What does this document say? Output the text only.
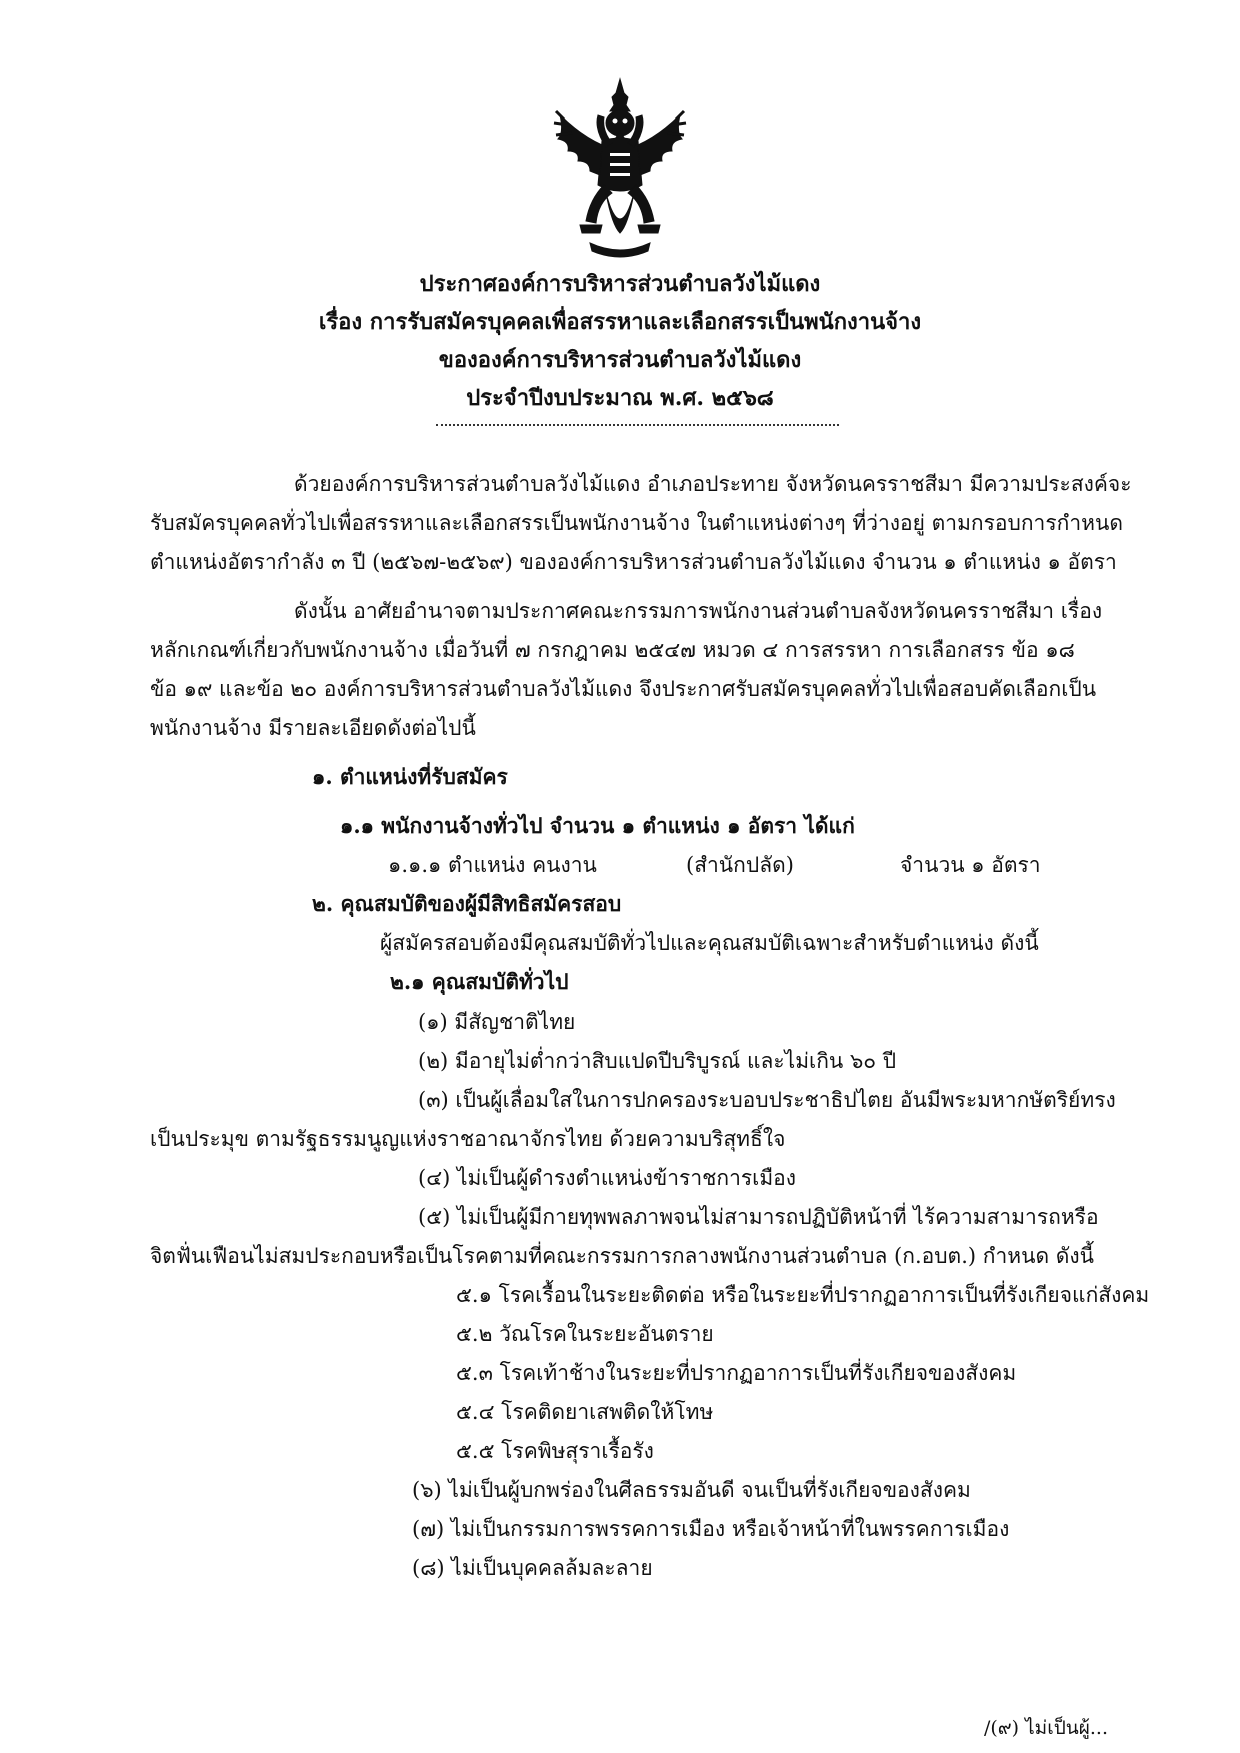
ประกาศองค์การบริหารส่วนตำบลวังไม้แดง
เรื่อง การรับสมัครบุคคลเพื่อสรรหาและเลือกสรรเป็นพนักงานจ้าง
ขององค์การบริหารส่วนตำบลวังไม้แดง
ประจำปีงบประมาณ พ.ศ. ๒๕๖๘
ด้วยองค์การบริหารส่วนตำบลวังไม้แดง อำเภอประทาย จังหวัดนครราชสีมา มีความประสงค์จะ
รับสมัครบุคคลทั่วไปเพื่อสรรหาและเลือกสรรเป็นพนักงานจ้าง ในตำแหน่งต่างๆ ที่ว่างอยู่ ตามกรอบการกำหนด
ตำแหน่งอัตรากำลัง ๓ ปี (๒๕๖๗-๒๕๖๙) ขององค์การบริหารส่วนตำบลวังไม้แดง จำนวน ๑ ตำแหน่ง ๑ อัตรา
ดังนั้น อาศัยอำนาจตามประกาศคณะกรรมการพนักงานส่วนตำบลจังหวัดนครราชสีมา เรื่อง
หลักเกณฑ์เกี่ยวกับพนักงานจ้าง เมื่อวันที่ ๗ กรกฎาคม ๒๕๔๗ หมวด ๔ การสรรหา การเลือกสรร ข้อ ๑๘
ข้อ ๑๙ และข้อ ๒๐ องค์การบริหารส่วนตำบลวังไม้แดง จึงประกาศรับสมัครบุคคลทั่วไปเพื่อสอบคัดเลือกเป็น
พนักงานจ้าง มีรายละเอียดดังต่อไปนี้
๑. ตำแหน่งที่รับสมัคร
๑.๑ พนักงานจ้างทั่วไป จำนวน ๑ ตำแหน่ง ๑ อัตรา ได้แก่
๑.๑.๑ ตำแหน่ง คนงาน	(สำนักปลัด)	จำนวน ๑ อัตรา
๒. คุณสมบัติของผู้มีสิทธิสมัครสอบ
ผู้สมัครสอบต้องมีคุณสมบัติทั่วไปและคุณสมบัติเฉพาะสำหรับตำแหน่ง ดังนี้
๒.๑ คุณสมบัติทั่วไป
(๑) มีสัญชาติไทย
(๒) มีอายุไม่ต่ำกว่าสิบแปดปีบริบูรณ์ และไม่เกิน ๖๐ ปี
(๓) เป็นผู้เลื่อมใสในการปกครองระบอบประชาธิปไตย อันมีพระมหากษัตริย์ทรง
เป็นประมุข ตามรัฐธรรมนูญแห่งราชอาณาจักรไทย ด้วยความบริสุทธิ์ใจ
(๔) ไม่เป็นผู้ดำรงตำแหน่งข้าราชการเมือง
(๕) ไม่เป็นผู้มีกายทุพพลภาพจนไม่สามารถปฏิบัติหน้าที่ ไร้ความสามารถหรือ
จิตฟั่นเฟือนไม่สมประกอบหรือเป็นโรคตามที่คณะกรรมการกลางพนักงานส่วนตำบล (ก.อบต.) กำหนด ดังนี้
๕.๑ โรคเรื้อนในระยะติดต่อ หรือในระยะที่ปรากฏอาการเป็นที่รังเกียจแก่สังคม
๕.๒ วัณโรคในระยะอันตราย
๕.๓ โรคเท้าช้างในระยะที่ปรากฏอาการเป็นที่รังเกียจของสังคม
๕.๔ โรคติดยาเสพติดให้โทษ
๕.๕ โรคพิษสุราเรื้อรัง
(๖) ไม่เป็นผู้บกพร่องในศีลธรรมอันดี จนเป็นที่รังเกียจของสังคม
(๗) ไม่เป็นกรรมการพรรคการเมือง หรือเจ้าหน้าที่ในพรรคการเมือง
(๘) ไม่เป็นบุคคลล้มละลาย
/(๙) ไม่เป็นผู้...
